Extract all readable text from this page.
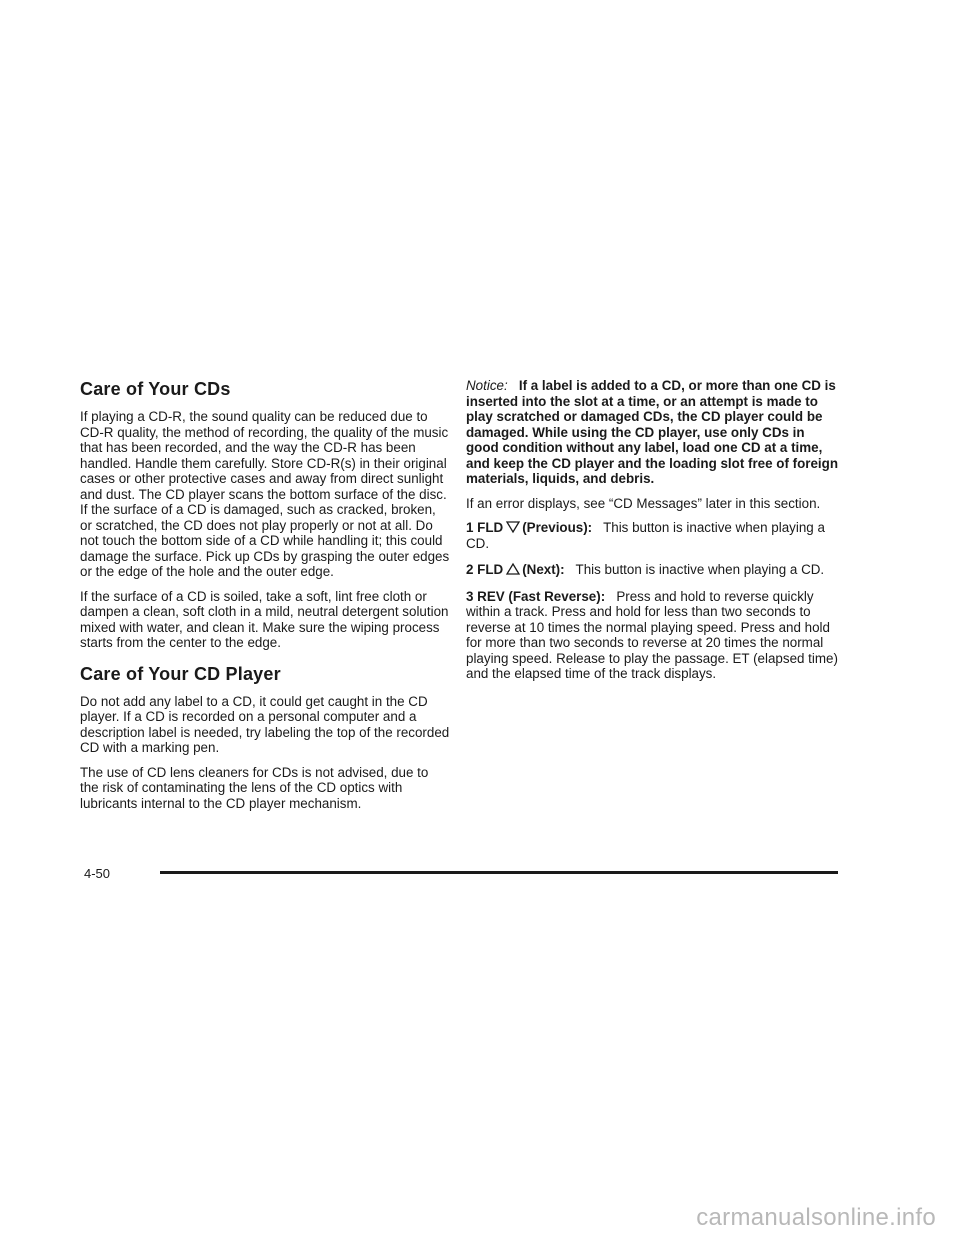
Care of Your CDs

If playing a CD-R, the sound quality can be reduced due to CD-R quality, the method of recording, the quality of the music that has been recorded, and the way the CD-R has been handled. Handle them carefully. Store CD-R(s) in their original cases or other protective cases and away from direct sunlight and dust. The CD player scans the bottom surface of the disc. If the surface of a CD is damaged, such as cracked, broken, or scratched, the CD does not play properly or not at all. Do not touch the bottom side of a CD while handling it; this could damage the surface. Pick up CDs by grasping the outer edges or the edge of the hole and the outer edge.

If the surface of a CD is soiled, take a soft, lint free cloth or dampen a clean, soft cloth in a mild, neutral detergent solution mixed with water, and clean it. Make sure the wiping process starts from the center to the edge.

Care of Your CD Player

Do not add any label to a CD, it could get caught in the CD player. If a CD is recorded on a personal computer and a description label is needed, try labeling the top of the recorded CD with a marking pen.

The use of CD lens cleaners for CDs is not advised, due to the risk of contaminating the lens of the CD optics with lubricants internal to the CD player mechanism.

Notice: If a label is added to a CD, or more than one CD is inserted into the slot at a time, or an attempt is made to play scratched or damaged CDs, the CD player could be damaged. While using the CD player, use only CDs in good condition without any label, load one CD at a time, and keep the CD player and the loading slot free of foreign materials, liquids, and debris.

If an error displays, see “CD Messages” later in this section.

1 FLD (Previous): This button is inactive when playing a CD.

2 FLD (Next): This button is inactive when playing a CD.

3 REV (Fast Reverse): Press and hold to reverse quickly within a track. Press and hold for less than two seconds to reverse at 10 times the normal playing speed. Press and hold for more than two seconds to reverse at 20 times the normal playing speed. Release to play the passage. ET (elapsed time) and the elapsed time of the track displays.

4-50
carmanualsonline.info
